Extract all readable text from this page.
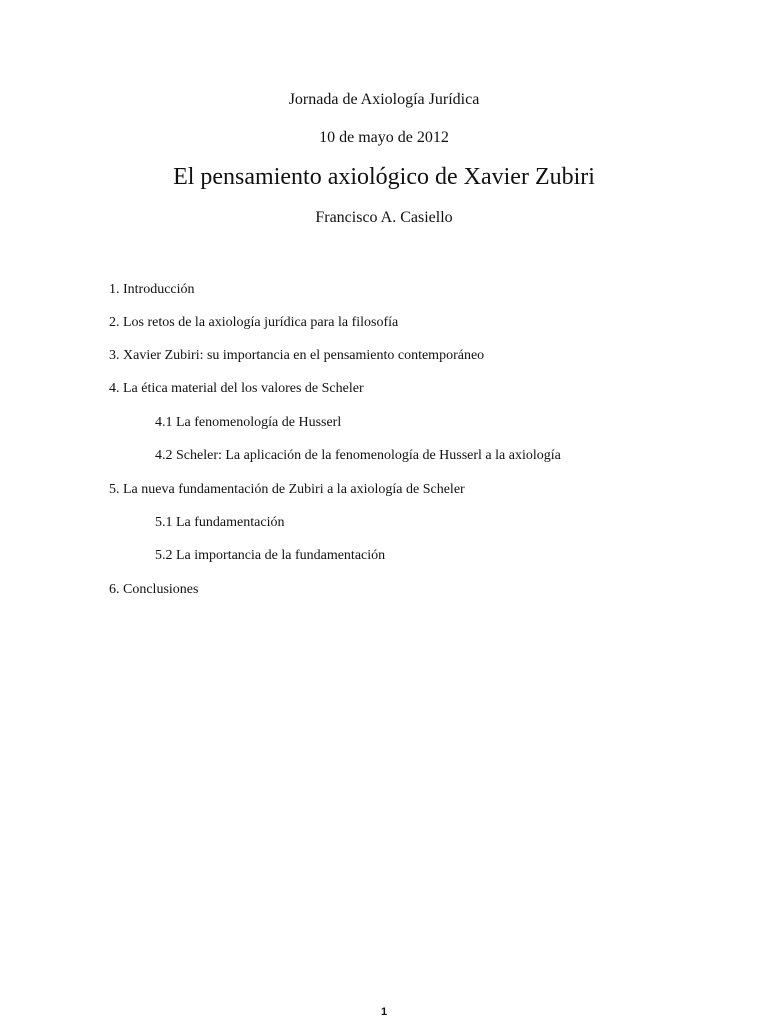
Jornada de Axiología Jurídica
10 de mayo de 2012
El pensamiento axiológico de Xavier Zubiri
Francisco A. Casiello
1. Introducción
2. Los retos de la axiología jurídica para la filosofía
3. Xavier Zubiri: su importancia en el pensamiento contemporáneo
4. La ética material del los valores de Scheler
4.1 La fenomenología de Husserl
4.2 Scheler: La aplicación de la fenomenología de Husserl a la axiología
5. La nueva fundamentación de Zubiri a la axiología de Scheler
5.1 La fundamentación
5.2 La importancia de la fundamentación
6. Conclusiones
1
